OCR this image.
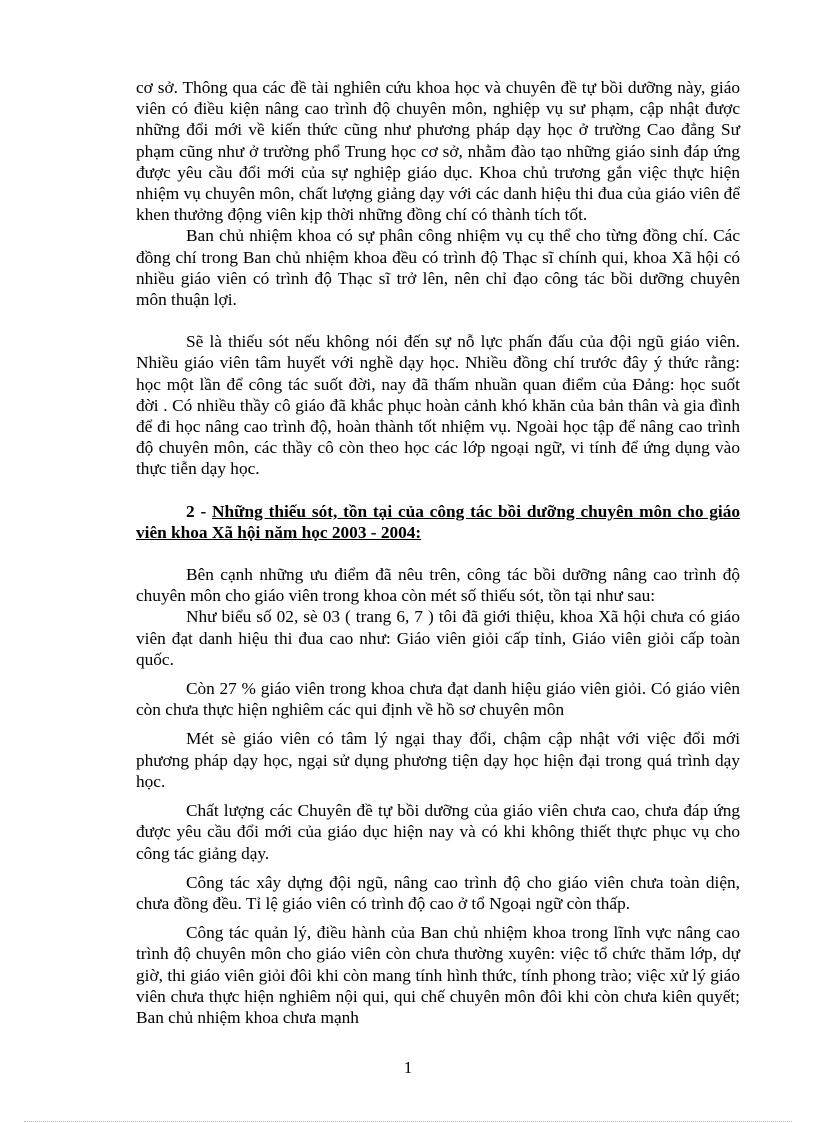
cơ sở. Thông qua các đề tài nghiên cứu khoa học và chuyên đề tự bồi dưỡng này, giáo viên có điều kiện nâng cao trình độ chuyên môn, nghiệp vụ sư phạm, cập nhật được những đổi mới về kiến thức cũng như phương pháp dạy học ở trường Cao đẳng Sư phạm cũng như ở trường phổ Trung học cơ sở, nhằm đào tạo những giáo sinh đáp ứng được yêu cầu đổi mới của sự nghiệp giáo dục. Khoa chủ trương gắn việc thực hiện nhiệm vụ chuyên môn, chất lượng giảng dạy với các danh hiệu thi đua của giáo viên để khen thưởng động viên kịp thời những đồng chí có thành tích tốt.

Ban chủ nhiệm khoa có sự phân công nhiệm vụ cụ thể cho từng đồng chí. Các đồng chí trong Ban chủ nhiệm khoa đều có trình độ Thạc sĩ chính qui, khoa Xã hội có nhiều giáo viên có trình độ Thạc sĩ trở lên, nên chỉ đạo công tác bồi dưỡng chuyên môn thuận lợi.

Sẽ là thiếu sót nếu không nói đến sự nỗ lực phấn đấu của đội ngũ giáo viên. Nhiều giáo viên tâm huyết với nghề dạy học. Nhiều đồng chí trước đây ý thức rằng: học một lần để công tác suốt đời, nay đã thấm nhuần quan điểm của Đảng: học suốt đời . Có nhiều thầy cô giáo đã khắc phục hoàn cảnh khó khăn của bản thân và gia đình để đi học nâng cao trình độ, hoàn thành tốt nhiệm vụ. Ngoài học tập để nâng cao trình độ chuyên môn, các thầy cô còn theo học các lớp ngoại ngữ, vi tính để ứng dụng vào thực tiễn dạy học.

2 - Những thiếu sót, tồn tại của công tác bồi dưỡng chuyên môn cho giáo viên khoa Xã hội năm học 2003 - 2004:

Bên cạnh những ưu điểm đã nêu trên, công tác bồi dưỡng nâng cao trình độ chuyên môn cho giáo viên trong khoa còn mét số thiếu sót, tồn tại như sau:

Như biểu số 02, sè 03 ( trang 6, 7 ) tôi đã giới thiệu, khoa Xã hội chưa có giáo viên đạt danh hiệu thi đua cao như: Giáo viên giỏi cấp tỉnh, Giáo viên giỏi cấp toàn quốc.

Còn 27 % giáo viên trong khoa chưa đạt danh hiệu giáo viên giỏi. Có giáo viên còn chưa thực hiện nghiêm các qui định về hồ sơ chuyên môn

Mét sè giáo viên có tâm lý ngại thay đổi, chậm cập nhật với việc đổi mới phương pháp dạy học, ngại sử dụng phương tiện dạy học hiện đại trong quá trình dạy học.

Chất lượng các Chuyên đề tự bồi dưỡng của giáo viên chưa cao, chưa đáp ứng được yêu cầu đổi mới của giáo dục hiện nay và có khi không thiết thực phục vụ cho công tác giảng dạy.

Công tác xây dựng đội ngũ, nâng cao trình độ cho giáo viên chưa toàn diện, chưa đồng đều. Tỉ lệ giáo viên có trình độ cao ở tổ Ngoại ngữ còn thấp.

Công tác quản lý, điều hành của Ban chủ nhiệm khoa trong lĩnh vực nâng cao trình độ chuyên môn cho giáo viên còn chưa thường xuyên: việc tổ chức thăm lớp, dự giờ, thi giáo viên giỏi đôi khi còn mang tính hình thức, tính phong trào; việc xử lý giáo viên chưa thực hiện nghiêm nội qui, qui chế chuyên môn đôi khi còn chưa kiên quyết; Ban chủ nhiệm khoa chưa mạnh

1
